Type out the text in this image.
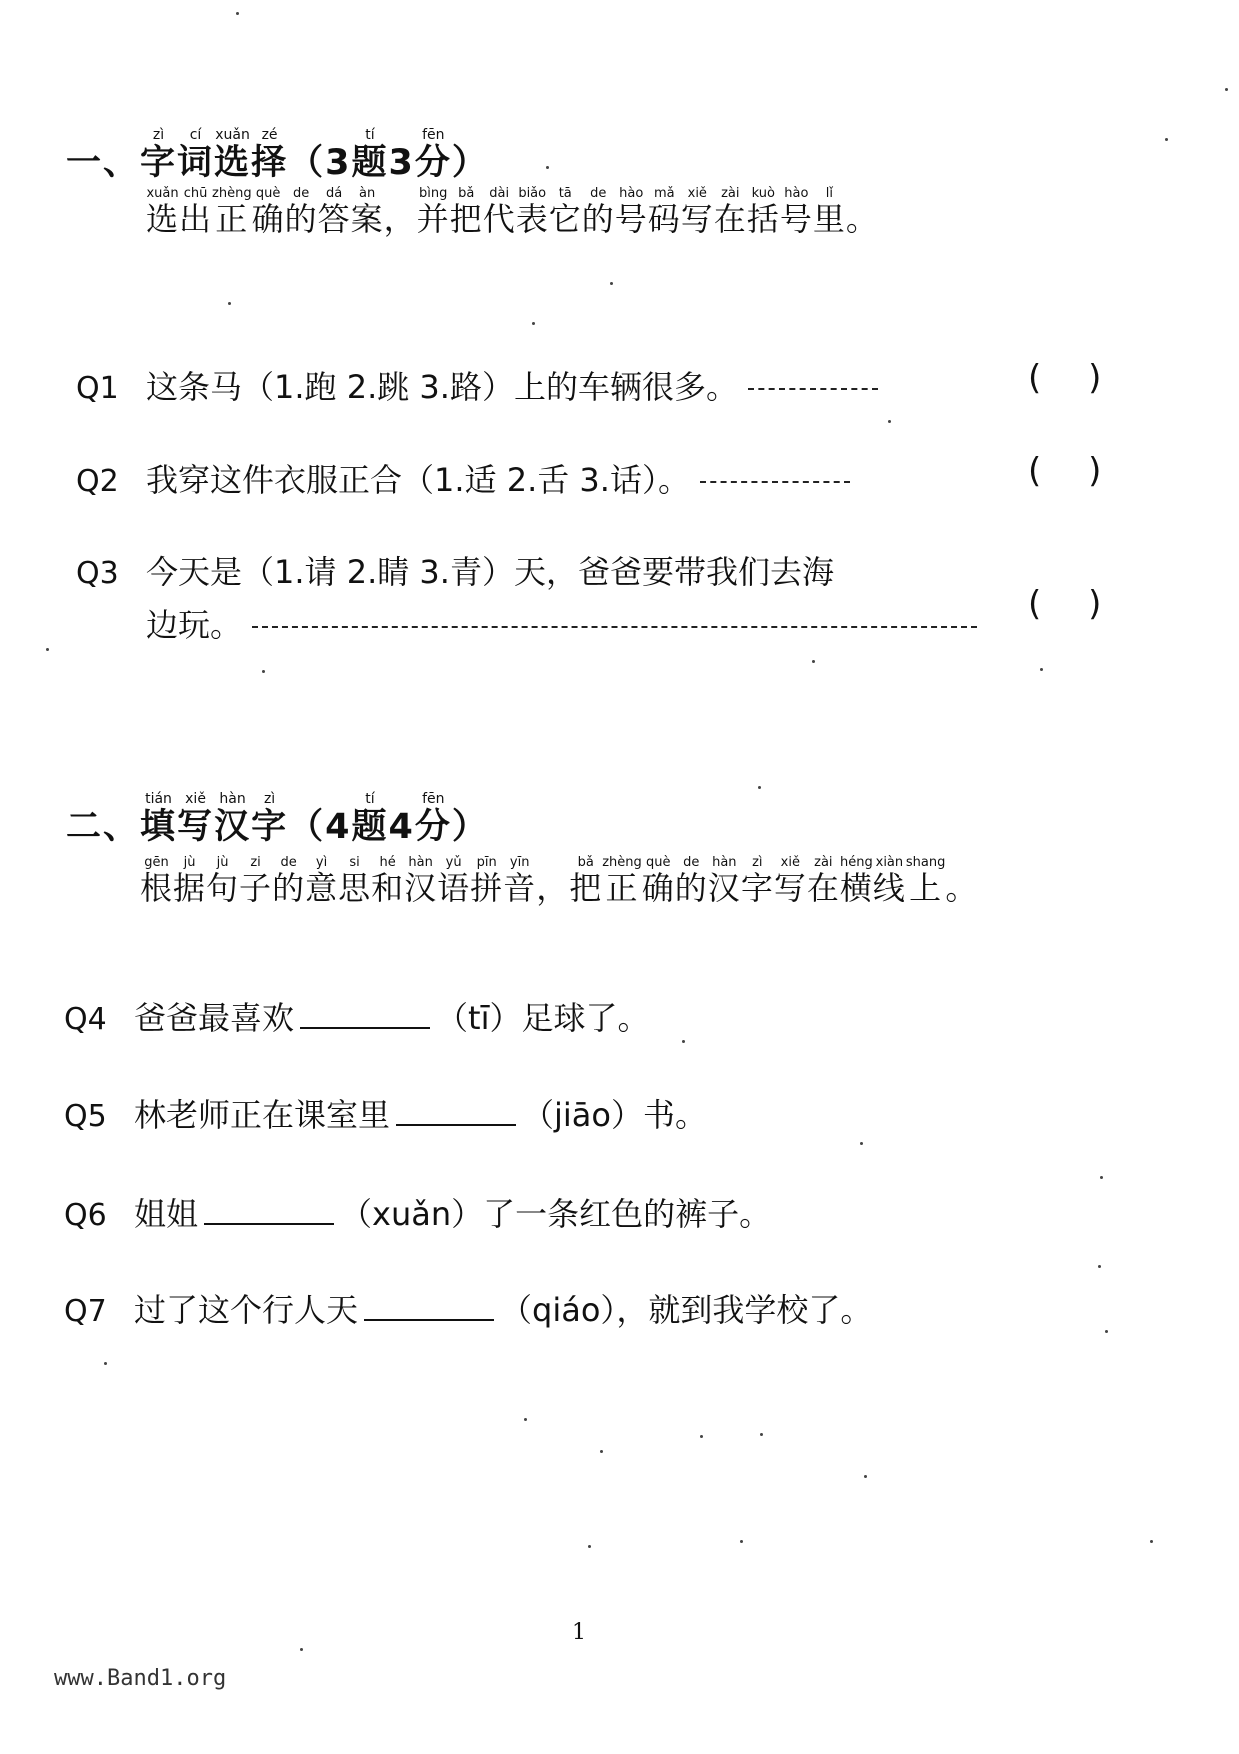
一、字zì词cí选xuǎn择zé（3题tí3分fēn）
选xuǎn出chū正zhèng确què的de答dá案àn，并bìng把bǎ代dài表biǎo它tā的de号hào码mǎ写xiě在zài括kuò号hào里lǐ。
Q1 这条马（1.跑 2.跳 3.路）上的车辆很多。	( )
Q2 我穿这件衣服正合（1.适 2.舌 3.话）。	( )
Q3 今天是（1.请 2.睛 3.青）天，爸爸要带我们去海
边玩。
( )
二、填tián写xiě汉hàn字zì（4题tí4分fēn）
根gēn据jù句jù子zi的de意yì思si和hé汉hàn语yǔ拼pīn音yīn，把bǎ正zhèng确què的de汉hàn字zì写xiě在zài横héng线xiàn上shang。
Q4 爸爸最喜欢	（tī）足球了。
Q5 林老师正在课室里	（jiāo）书。
Q6 姐姐	（xuǎn）了一条红色的裤子。
Q7 过了这个行人天	（qiáo），就到我学校了。
1
www.Band1.org
